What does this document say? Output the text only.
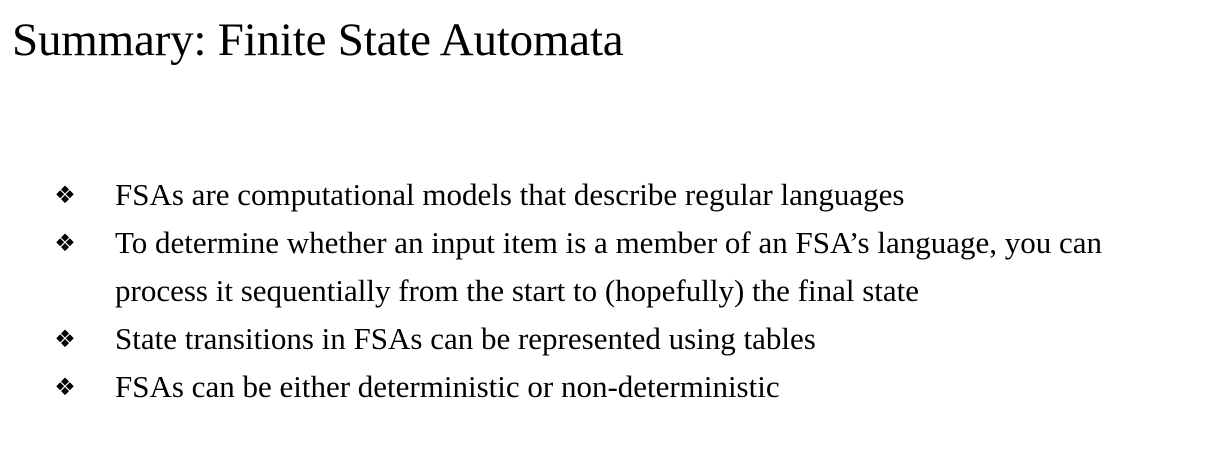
Summary: Finite State Automata
❖ FSAs are computational models that describe regular languages
❖ To determine whether an input item is a member of an FSA’s language, you can process it sequentially from the start to (hopefully) the final state
❖ State transitions in FSAs can be represented using tables
❖ FSAs can be either deterministic or non-deterministic
